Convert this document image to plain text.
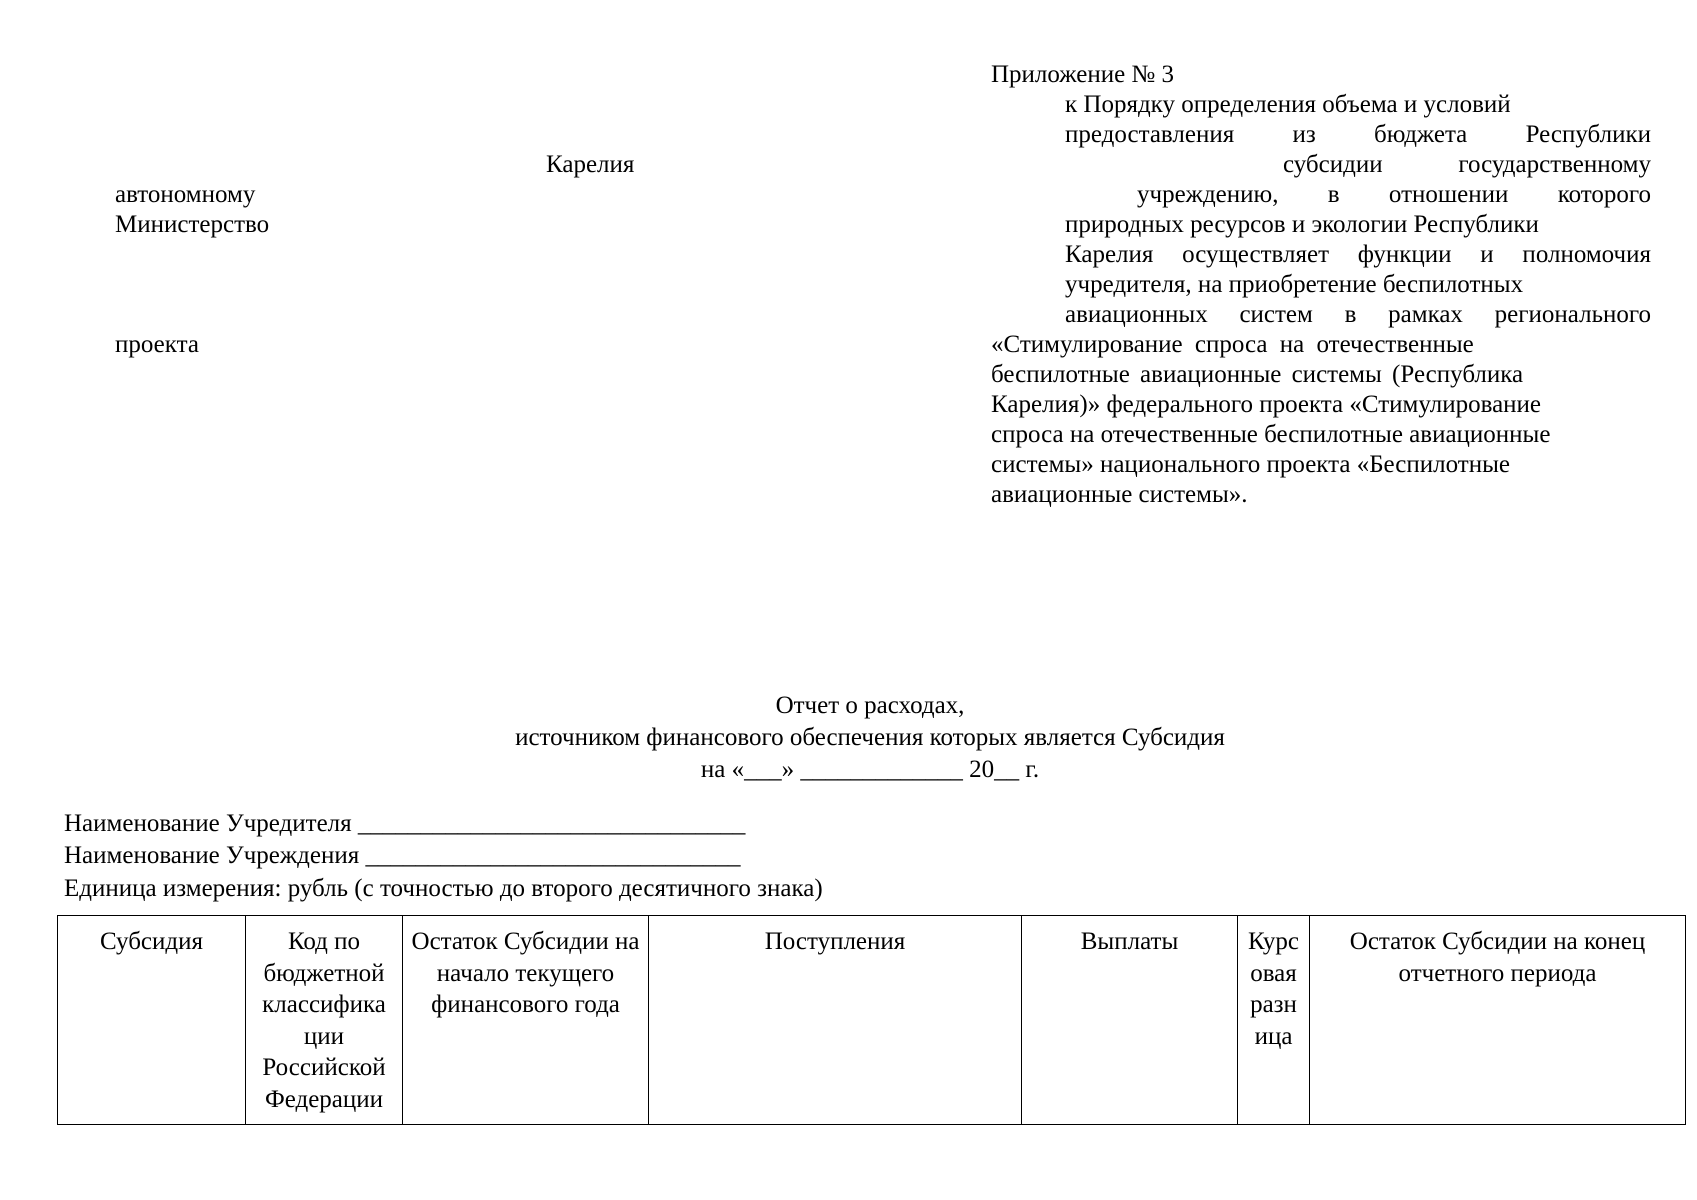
Приложение № 3
к Порядку определения объема и условий
предоставления из бюджета Республики
субсидии государственному
учреждению, в отношении которого
природных ресурсов и экологии Республики
Карелия осуществляет функции и полномочия
учредителя, на приобретение беспилотных
авиационных систем в рамках регионального
«Стимулирование спроса на отечественные
беспилотные авиационные системы (Республика
Карелия)» федерального проекта «Стимулирование
спроса на отечественные беспилотные авиационные
системы» национального проекта «Беспилотные
авиационные системы».
Карелия
автономному
Министерство
проекта
Отчет о расходах,
источником финансового обеспечения которых является Субсидия
на «___» _____________ 20__ г.
Наименование Учредителя _______________________________
Наименование Учреждения ______________________________
Единица измерения: рубль (с точностью до второго десятичного знака)
Субсидия	Код по бюджетной классифика ции Российской Федерации	Остаток Субсидии на начало текущего финансового года	Поступления	Выплаты	Курс овая разн ица	Остаток Субсидии на конец отчетного периода
